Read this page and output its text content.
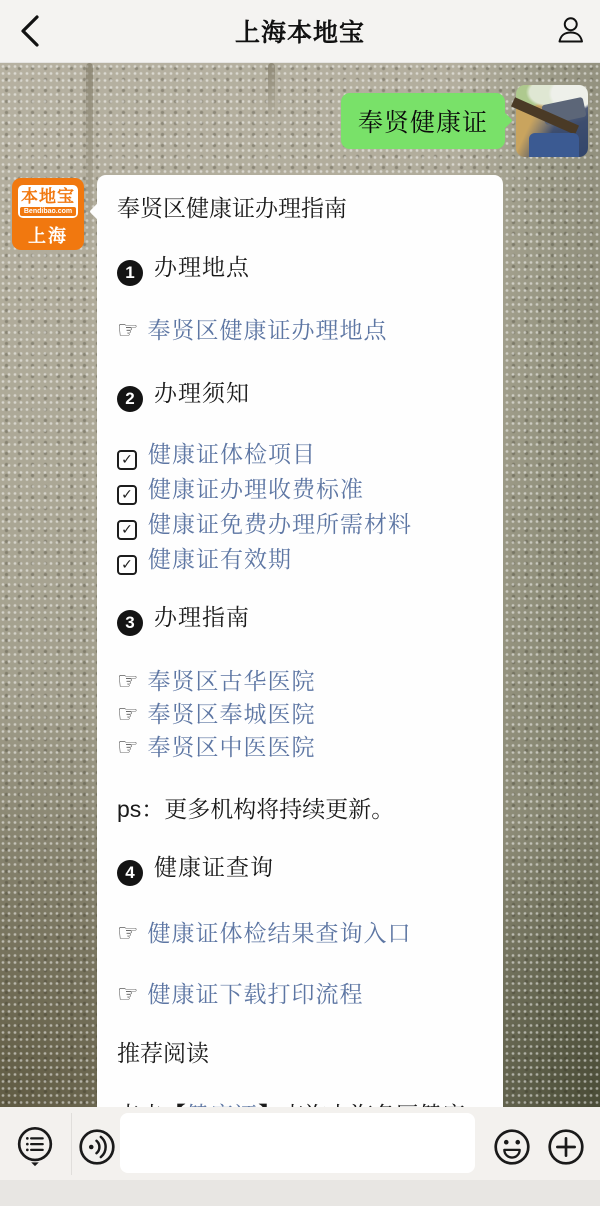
上海本地宝
奉贤健康证
本地宝
Bendibao.com
上海

奉贤区健康证办理指南

1 办理地点

☞ 奉贤区健康证办理地点

2 办理须知

✓ 健康证体检项目
✓ 健康证办理收费标准
✓ 健康证免费办理所需材料
✓ 健康证有效期

3 办理指南

☞ 奉贤区古华医院
☞ 奉贤区奉城医院
☞ 奉贤区中医医院

ps：更多机构将持续更新。

4 健康证查询

☞ 健康证体检结果查询入口

☞ 健康证下载打印流程

推荐阅读
